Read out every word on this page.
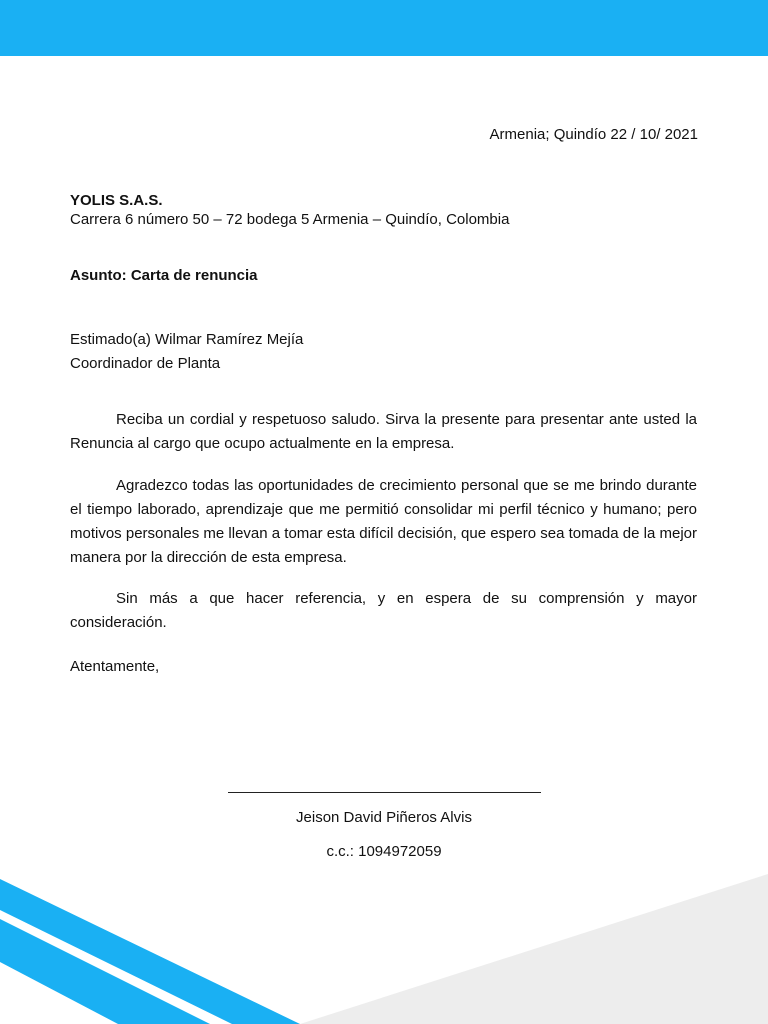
Armenia; Quindío 22 / 10/ 2021
YOLIS S.A.S.
Carrera 6 número 50 – 72 bodega 5 Armenia – Quindío, Colombia
Asunto: Carta de renuncia
Estimado(a) Wilmar Ramírez Mejía
Coordinador de Planta
Reciba un cordial y respetuoso saludo. Sirva la presente para presentar ante usted la Renuncia al cargo que ocupo actualmente en la empresa.
Agradezco todas las oportunidades de crecimiento personal que se me brindo durante el tiempo laborado, aprendizaje que me permitió consolidar mi perfil técnico y humano; pero motivos personales me llevan a tomar esta difícil decisión, que espero sea tomada de la mejor manera por la dirección de esta empresa.
Sin más a que hacer referencia, y en espera de su comprensión y mayor consideración.
Atentamente,
Jeison David Piñeros Alvis
c.c.: 1094972059
